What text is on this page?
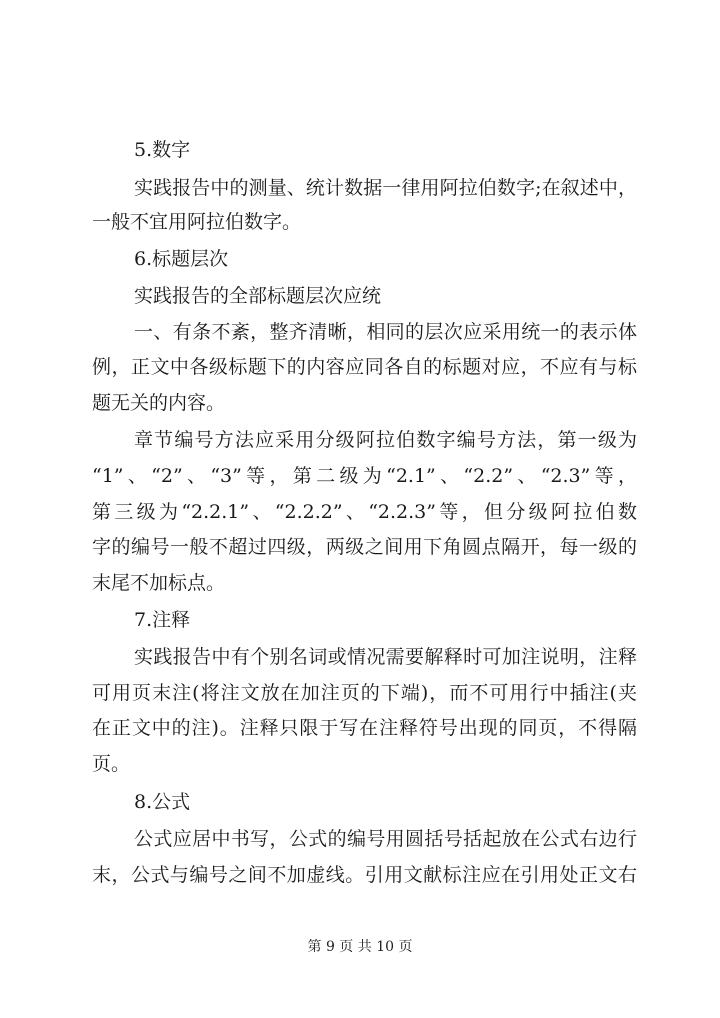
5.数字
实践报告中的测量、统计数据一律用阿拉伯数字;在叙述中，
一般不宜用阿拉伯数字。
6.标题层次
实践报告的全部标题层次应统
一、有条不紊，整齐清晰，相同的层次应采用统一的表示体
例，正文中各级标题下的内容应同各自的标题对应，不应有与标
题无关的内容。
章节编号方法应采用分级阿拉伯数字编号方法，第一级为
“1”、“2”、“3”等，第二级为“2.1”、“2.2”、“2.3”等，
第三级为“2.2.1”、“2.2.2”、“2.2.3”等，但分级阿拉伯数
字的编号一般不超过四级，两级之间用下角圆点隔开，每一级的
末尾不加标点。
7.注释
实践报告中有个别名词或情况需要解释时可加注说明，注释
可用页末注(将注文放在加注页的下端)，而不可用行中插注(夹
在正文中的注)。注释只限于写在注释符号出现的同页，不得隔
页。
8.公式
公式应居中书写，公式的编号用圆括号括起放在公式右边行
末，公式与编号之间不加虚线。引用文献标注应在引用处正文右
第 9 页 共 10 页
